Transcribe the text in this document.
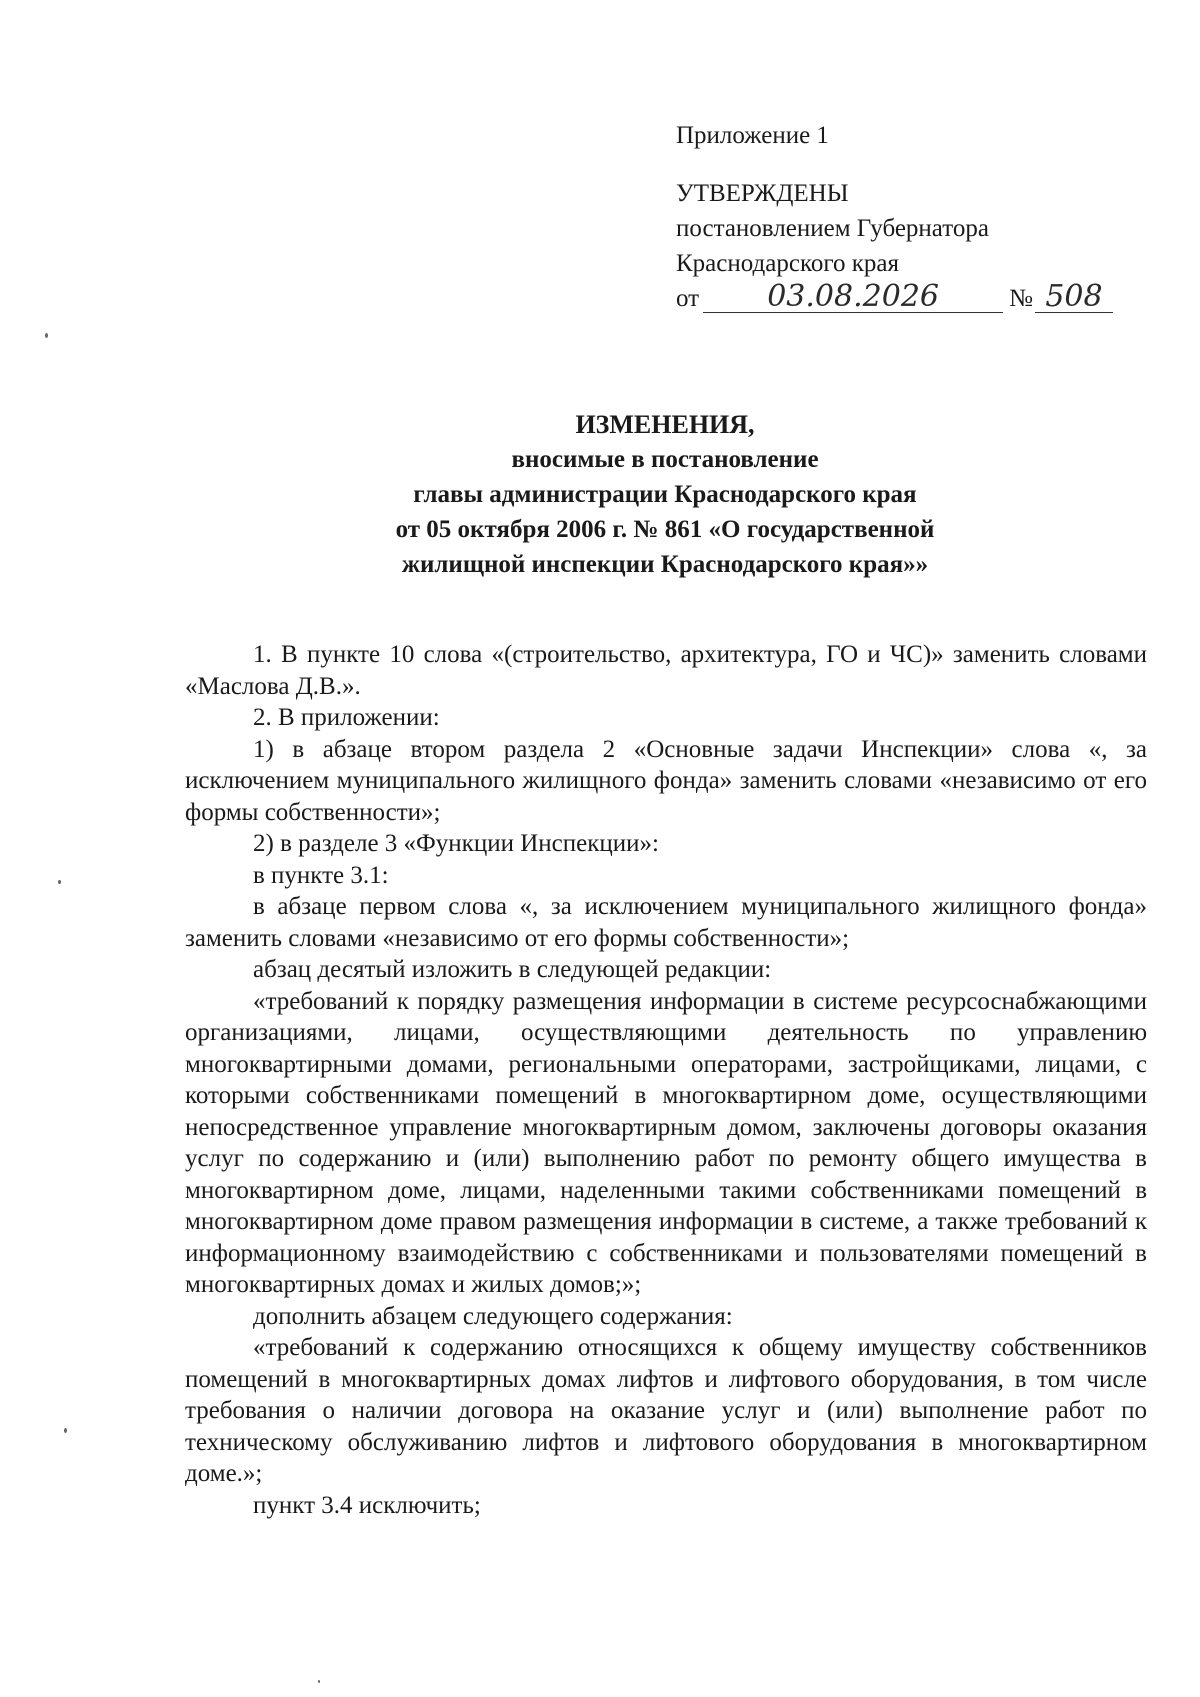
Приложение 1
УТВЕРЖДЕНЫ
постановлением Губернатора
Краснодарского края
от 03.08.2026	№ 508
ИЗМЕНЕНИЯ,
вносимые в постановление
главы администрации Краснодарского края
от 05 октября 2006 г. № 861 «О государственной
жилищной инспекции Краснодарского края»»

1. В пункте 10 слова «(строительство, архитектура, ГО и ЧС)» заменить словами «Маслова Д.В.».

2. В приложении:

1) в абзаце втором раздела 2 «Основные задачи Инспекции» слова «, за исключением муниципального жилищного фонда» заменить словами «независимо от его формы собственности»;

2) в разделе 3 «Функции Инспекции»:

в пункте 3.1:

в абзаце первом слова «, за исключением муниципального жилищного фонда» заменить словами «независимо от его формы собственности»;

абзац десятый изложить в следующей редакции:

«требований к порядку размещения информации в системе ресурсоснабжающими организациями, лицами, осуществляющими деятельность по управлению многоквартирными домами, региональными операторами, застройщиками, лицами, с которыми собственниками помещений в многоквартирном доме, осуществляющими непосредственное управление многоквартирным домом, заключены договоры оказания услуг по содержанию и (или) выполнению работ по ремонту общего имущества в многоквартирном доме, лицами, наделенными такими собственниками помещений в многоквартирном доме правом размещения информации в системе, а также требований к информационному взаимодействию с собственниками и пользователями помещений в многоквартирных домах и жилых домов;»;

дополнить абзацем следующего содержания:

«требований к содержанию относящихся к общему имуществу собственников помещений в многоквартирных домах лифтов и лифтового оборудования, в том числе требования о наличии договора на оказание услуг и (или) выполнение работ по техническому обслуживанию лифтов и лифтового оборудования в многоквартирном доме.»;

пункт 3.4 исключить;
